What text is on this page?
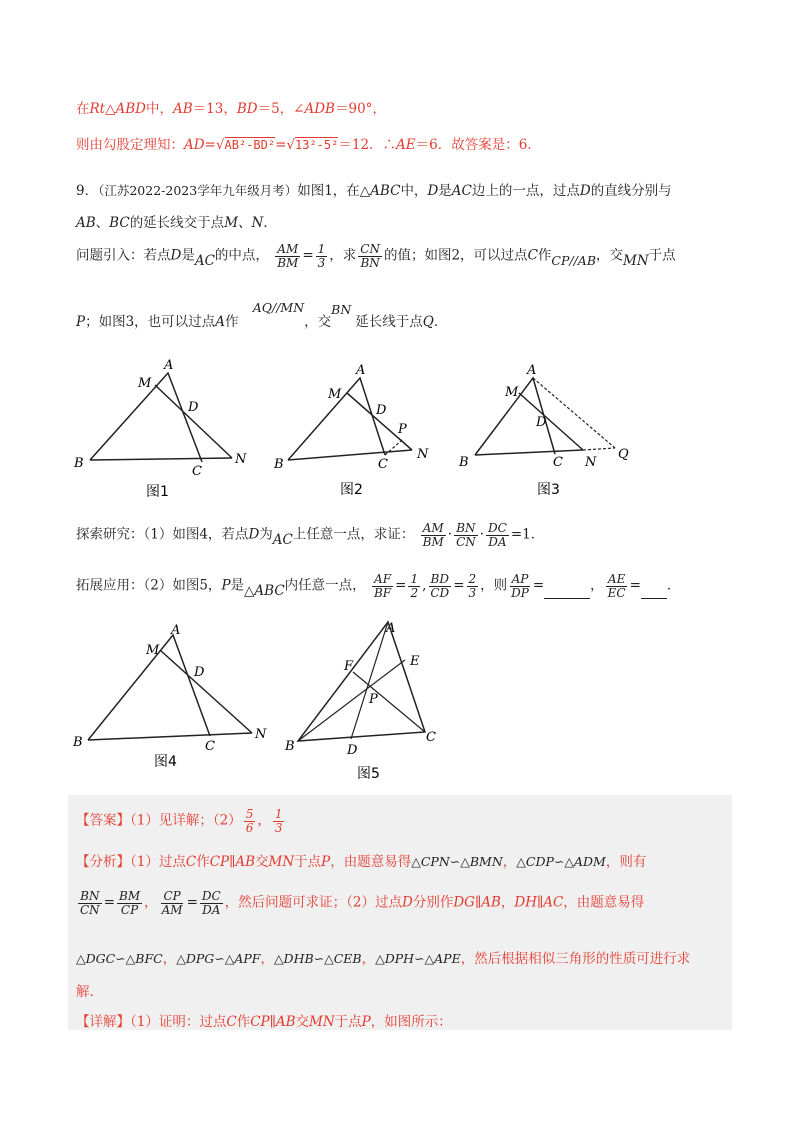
在Rt△ABD中，AB＝13，BD＝5，∠ADB＝90°，
则由勾股定理知：AD=√AB²-BD²=√13²-5²＝12．∴AE＝6．故答案是：6．
9．（江苏2022-2023学年九年级月考）如图1，在△ABC中，D是AC边上的一点，过点D的直线分别与
AB、BC的延长线交于点M、N．
问题引入：若点D是AC的中点， $\frac{AM}{BM} = \frac{1}{3}$ ，求 $\frac{CN}{BN}$ 的值；如图2，可以过点C作CP//AB，交MN于点
P；如图3，也可以过点A作 AQ//MN，交BN延长线于点Q．
A
M
D
B
C
N
图1
A
M
D
P
B	C
N
图2
A
M
D
B	C N
Q
图3
探索研究：（1）如图4，若点D为AC上任意一点，求证： $\frac{AM}{BM} \cdot \frac{BN}{CN} \cdot \frac{DC}{DA} =1$．
拓展应用：（2）如图5，P是△ABC内任意一点， $\frac{AF}{BF} = \frac{1}{2}$ , $\frac{BD}{CD} = \frac{2}{3}$ ，则 $\frac{AP}{DP}$ =	， $\frac{AE}{EC}$ = ．
A
M
D
B	C
N
图4
A
E
F
P
B	D
C
图5
【答案】（1）见详解；$(2) \frac{5}{6}$ ， $\frac{1}{3}$
【分析】（1）过点C作CP∥AB交MN于点P，由题意易得△CPN∽△BMN，△CDP∽△ADM，则有
$\frac{BN}{CN} = \frac{BM}{CP}$ ， $\frac{CP}{AM} = \frac{DC}{DA}$ ，然后问题可求证；（2）过点D分别作DG∥AB，DH∥AC，由题意易得
△DGC∽△BFC，△DPG∽△APF，△DHB∽△CEB，△DPH∽△APE，然后根据相似三角形的性质可进行求
解.
【详解】（1）证明：过点C作CP∥AB交MN于点P，如图所示：
